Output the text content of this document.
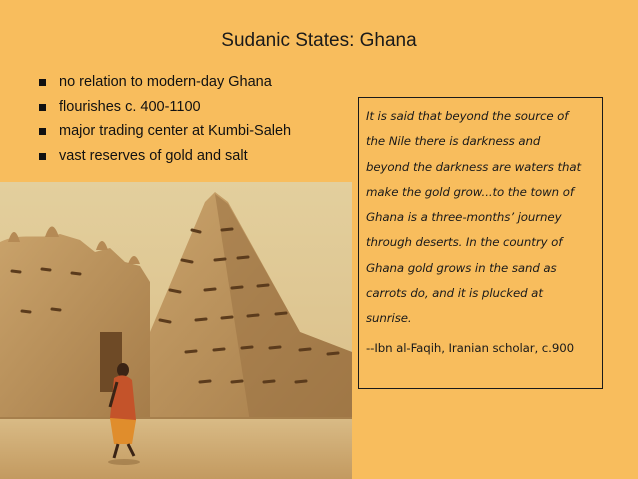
Sudanic States: Ghana
no relation to modern-day Ghana
flourishes c. 400-1100
major trading center at Kumbi-Saleh
vast reserves of gold and salt

It is said that beyond the source of

the Nile there is darkness and

beyond the darkness are waters that

make the gold grow...to the town of

Ghana is a three-months’ journey

through deserts. In the country of

Ghana gold grows in the sand as

carrots do, and it is plucked at

sunrise.

--Ibn al-Faqih, Iranian scholar, c.900
